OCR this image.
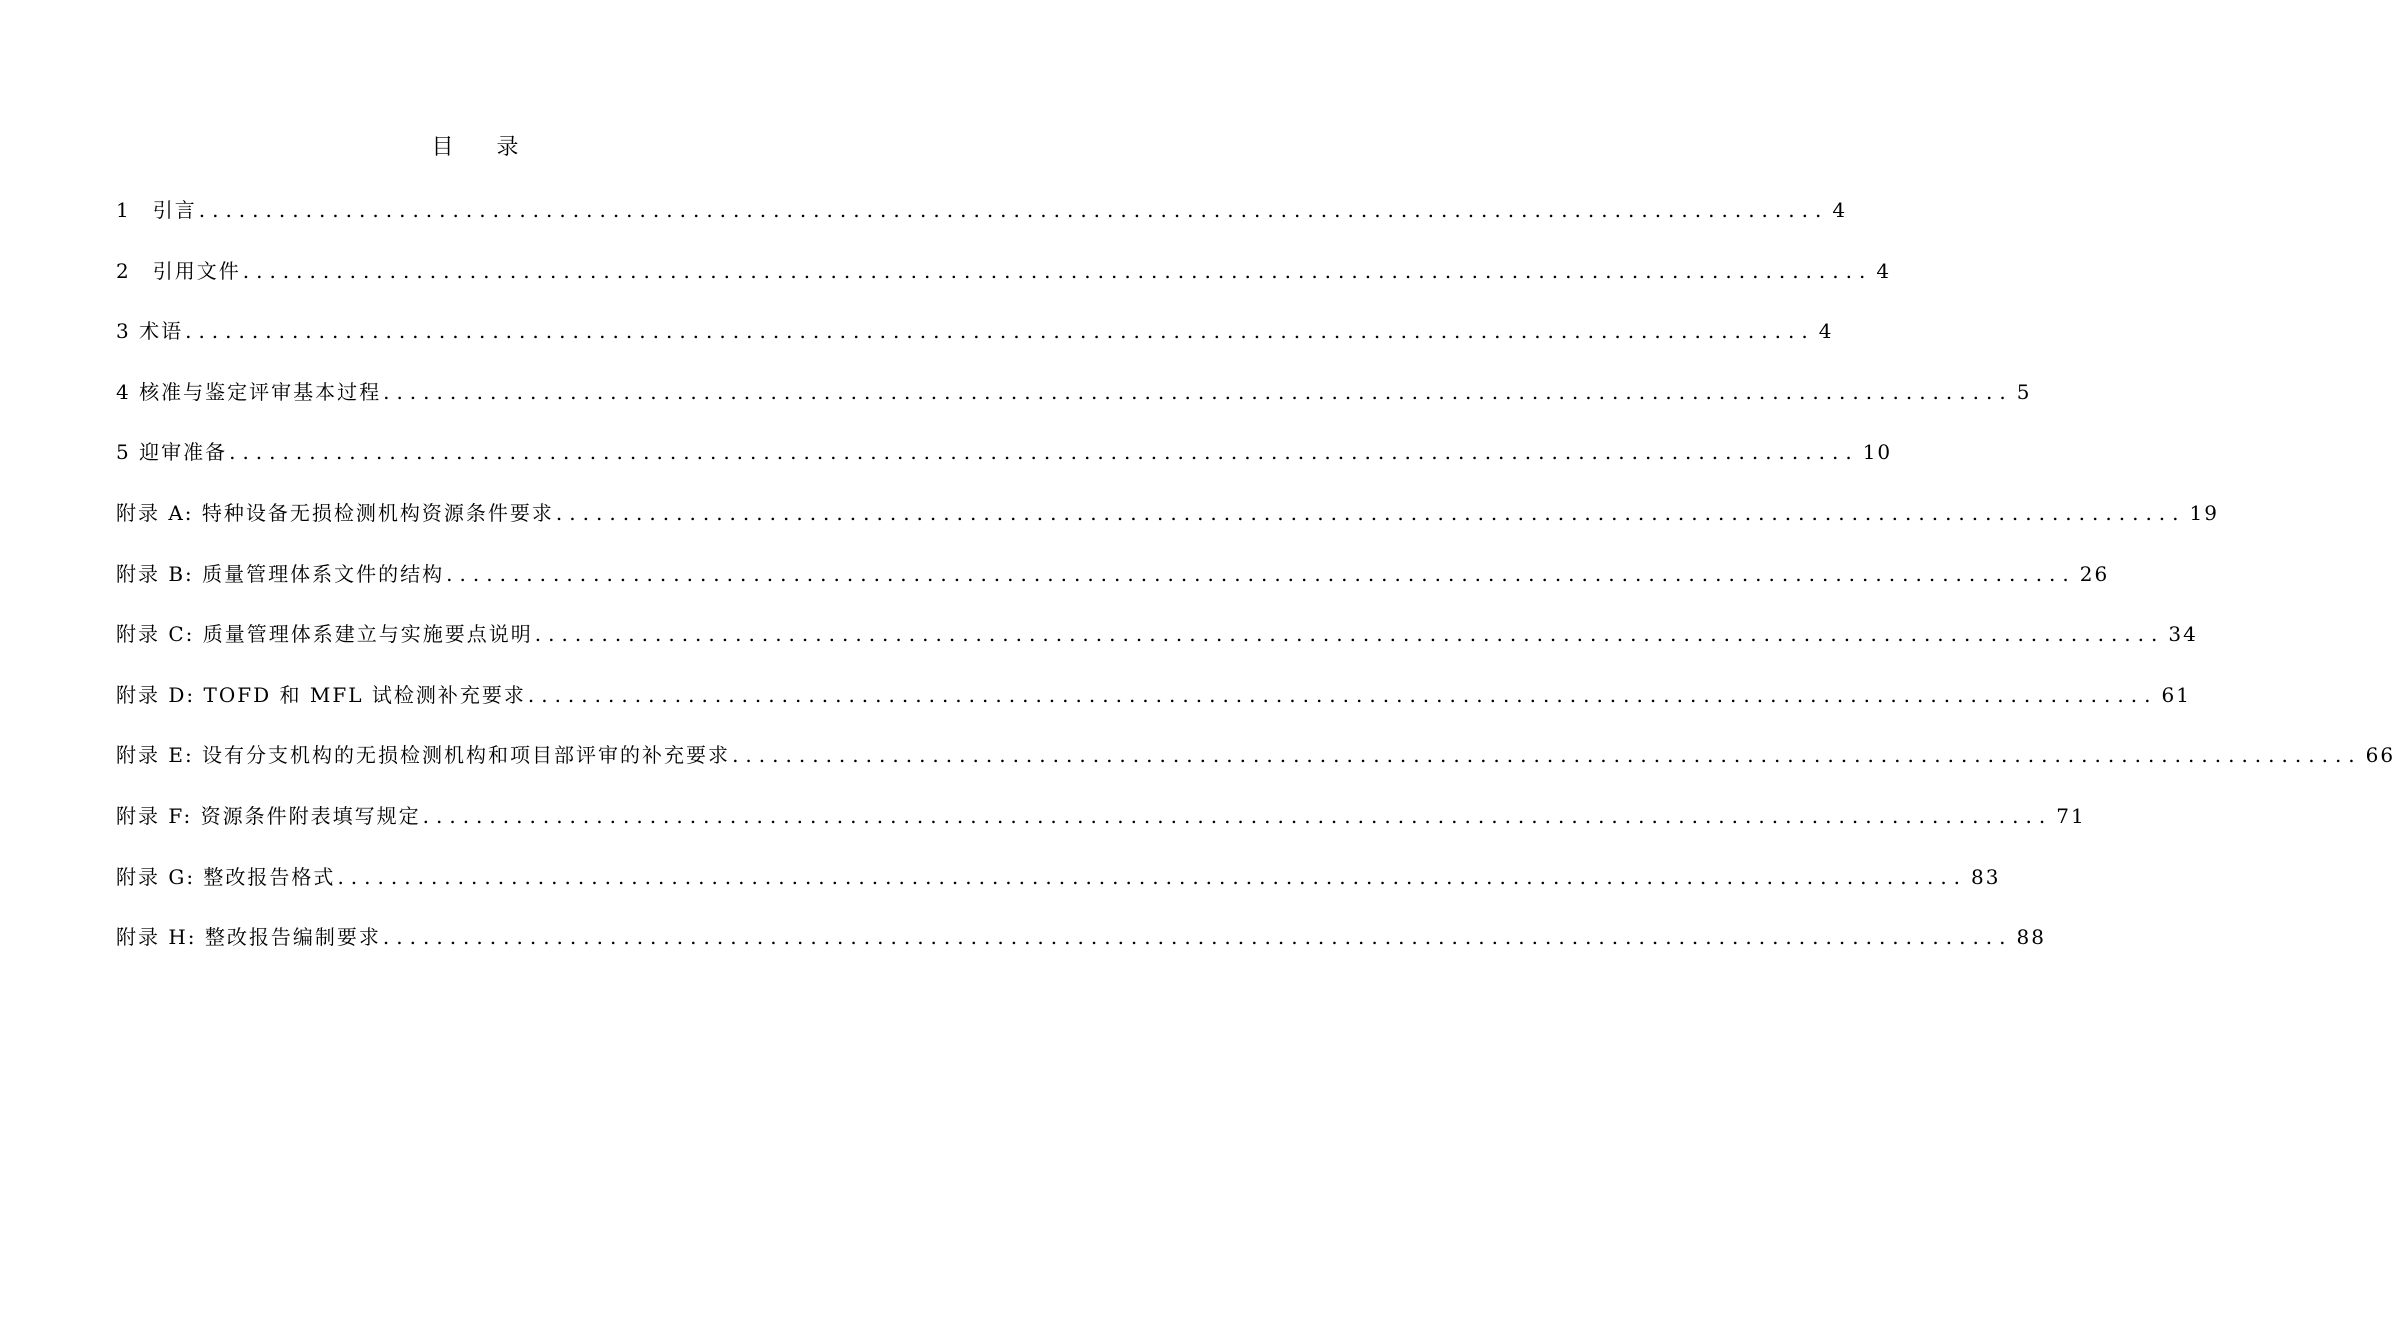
目 录
1　引言 .......................................................................................................................... 4
2　引用文件 .......................................................................................................................... 4
3 术语 .......................................................................................................................... 4
4 核准与鉴定评审基本过程 .......................................................................................................................... 5
5 迎审准备 .......................................................................................................................... 10
附录 A: 特种设备无损检测机构资源条件要求 .......................................................................................................................... 19
附录 B: 质量管理体系文件的结构 .......................................................................................................................... 26
附录 C: 质量管理体系建立与实施要点说明 .......................................................................................................................... 34
附录 D: TOFD 和 MFL 试检测补充要求 .......................................................................................................................... 61
附录 E: 设有分支机构的无损检测机构和项目部评审的补充要求 .......................................................................................................................... 66
附录 F: 资源条件附表填写规定 .......................................................................................................................... 71
附录 G: 整改报告格式 .......................................................................................................................... 83
附录 H: 整改报告编制要求 .......................................................................................................................... 88
